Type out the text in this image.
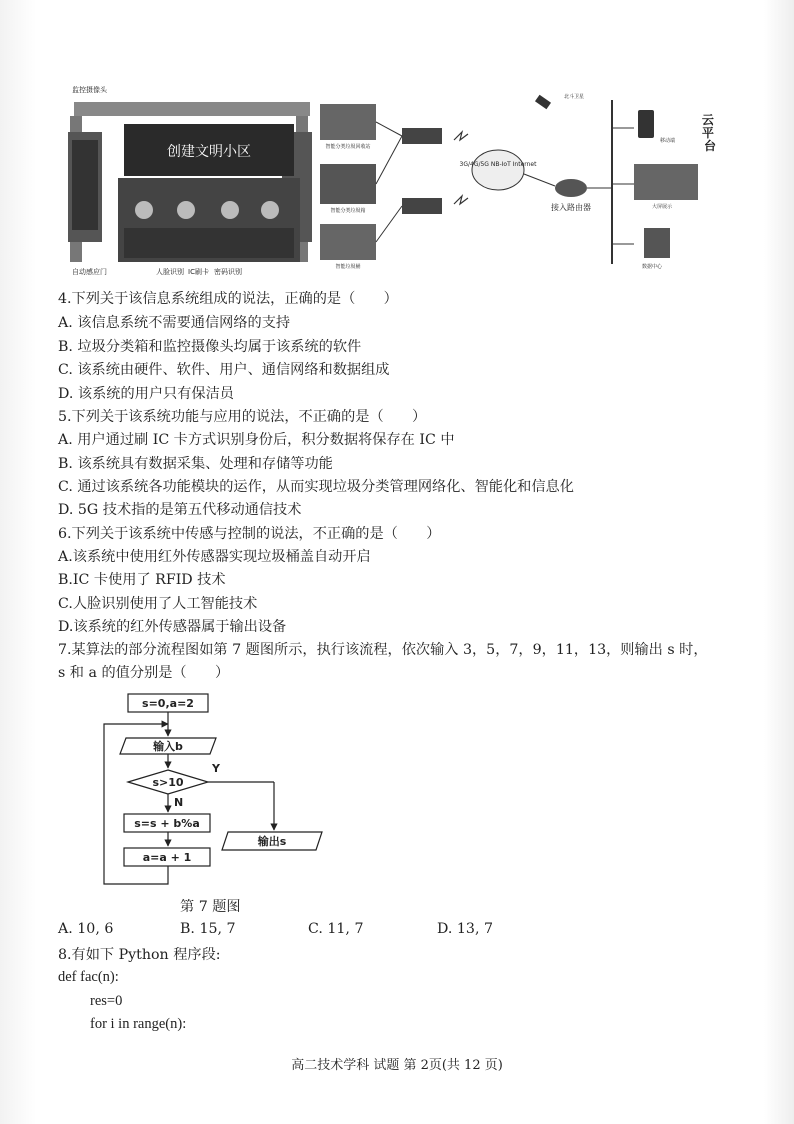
创建文明小区
监控摄像头
自动感应门	人脸识别 IC刷卡 密码识别
智能分类垃圾回收站
智能分类垃圾箱
智能垃圾桶
3G/4G/5G NB-IoT Internet
北斗卫星
接入路由器
移动端
大屏展示
数据中心
云 平 台
4.下列关于该信息系统组成的说法，正确的是（　　）
A. 该信息系统不需要通信网络的支持
B. 垃圾分类箱和监控摄像头均属于该系统的软件
C. 该系统由硬件、软件、用户、通信网络和数据组成
D. 该系统的用户只有保洁员
5.下列关于该系统功能与应用的说法，不正确的是（　　）
A. 用户通过刷 IC 卡方式识别身份后，积分数据将保存在 IC 中
B. 该系统具有数据采集、处理和存储等功能
C. 通过该系统各功能模块的运作，从而实现垃圾分类管理网络化、智能化和信息化
D. 5G 技术指的是第五代移动通信技术
6.下列关于该系统中传感与控制的说法，不正确的是（　　）
A.该系统中使用红外传感器实现垃圾桶盖自动开启
B.IC 卡使用了 RFID 技术
C.人脸识别使用了人工智能技术
D.该系统的红外传感器属于输出设备
7.某算法的部分流程图如第 7 题图所示，执行该流程，依次输入 3，5，7，9，11，13，则输出 s 时，
s 和 a 的值分别是（　　）
s=0,a=2
输入b
s>10
Y
N
输出s
s=s + b%a
a=a + 1
第 7 题图
A. 10, 6	B. 15, 7	C. 11, 7	D. 13, 7
8.有如下 Python 程序段:
def fac(n):
res=0
for i in range(n):
高二技术学科 试题 第 2页(共 12 页)
